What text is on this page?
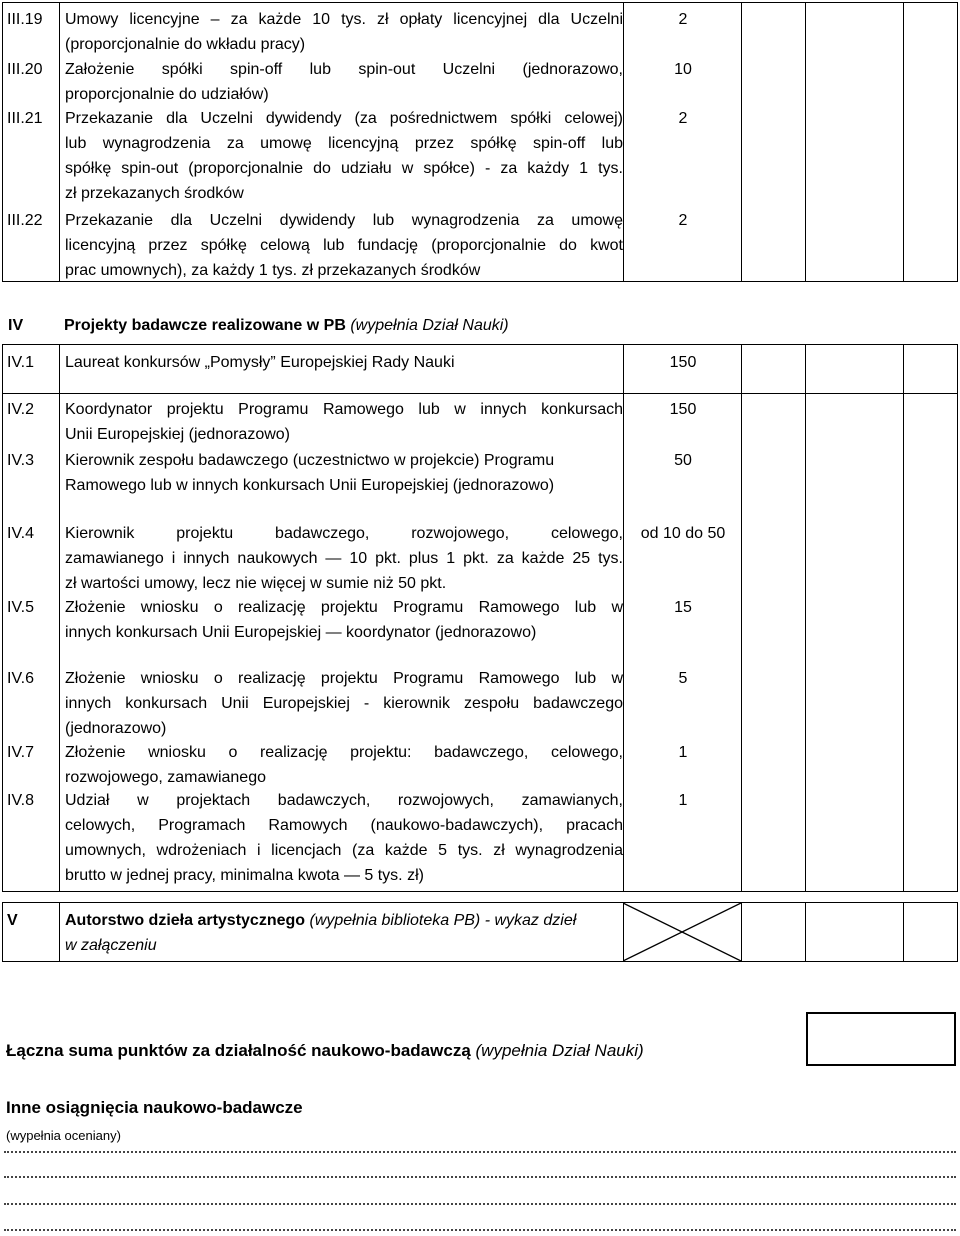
III.19	Umowy licencyjne – za każde 10 tys. zł opłaty licencyjnej dla Uczelni
(proporcjonalnie do wkładu pracy)
2
III.20	Założenie spółki spin-off lub spin-out Uczelni (jednorazowo,
proporcjonalnie do udziałów)
10
III.21	Przekazanie dla Uczelni dywidendy (za pośrednictwem spółki celowej)
lub wynagrodzenia za umowę licencyjną przez spółkę spin-off lub
spółkę spin-out (proporcjonalnie do udziału w spółce) - za każdy 1 tys.
zł przekazanych środków
2
III.22	Przekazanie dla Uczelni dywidendy lub wynagrodzenia za umowę
licencyjną przez spółkę celową lub fundację (proporcjonalnie do kwot
prac umownych), za każdy 1 tys. zł przekazanych środków
2
IV	Projekty badawcze realizowane w PB (wypełnia Dział Nauki)
IV.1	Laureat konkursów „Pomysły” Europejskiej Rady Nauki	150
IV.2	Koordynator projektu Programu Ramowego lub w innych konkursach
Unii Europejskiej (jednorazowo)
150
IV.3	Kierownik zespołu badawczego (uczestnictwo w projekcie) Programu
Ramowego lub w innych konkursach Unii Europejskiej (jednorazowo)
50
IV.4	Kierownik projektu badawczego, rozwojowego, celowego,
zamawianego i innych naukowych — 10 pkt. plus 1 pkt. za każde 25 tys.
zł wartości umowy, lecz nie więcej w sumie niż 50 pkt.
od 10 do 50
IV.5	Złożenie wniosku o realizację projektu Programu Ramowego lub w
innych konkursach Unii Europejskiej — koordynator (jednorazowo)
15
IV.6	Złożenie wniosku o realizację projektu Programu Ramowego lub w
innych konkursach Unii Europejskiej - kierownik zespołu badawczego
(jednorazowo)
5
IV.7	Złożenie wniosku o realizację projektu: badawczego, celowego,
rozwojowego, zamawianego
1
IV.8	Udział w projektach badawczych, rozwojowych, zamawianych,
celowych, Programach Ramowych (naukowo-badawczych), pracach
umownych, wdrożeniach i licencjach (za każde 5 tys. zł wynagrodzenia
brutto w jednej pracy, minimalna kwota — 5 tys. zł)
1
V	Autorstwo dzieła artystycznego (wypełnia biblioteka PB) - wykaz dzieł
w załączeniu
Łączna suma punktów za działalność naukowo-badawczą (wypełnia Dział Nauki)
Inne osiągnięcia naukowo-badawcze
(wypełnia oceniany)
